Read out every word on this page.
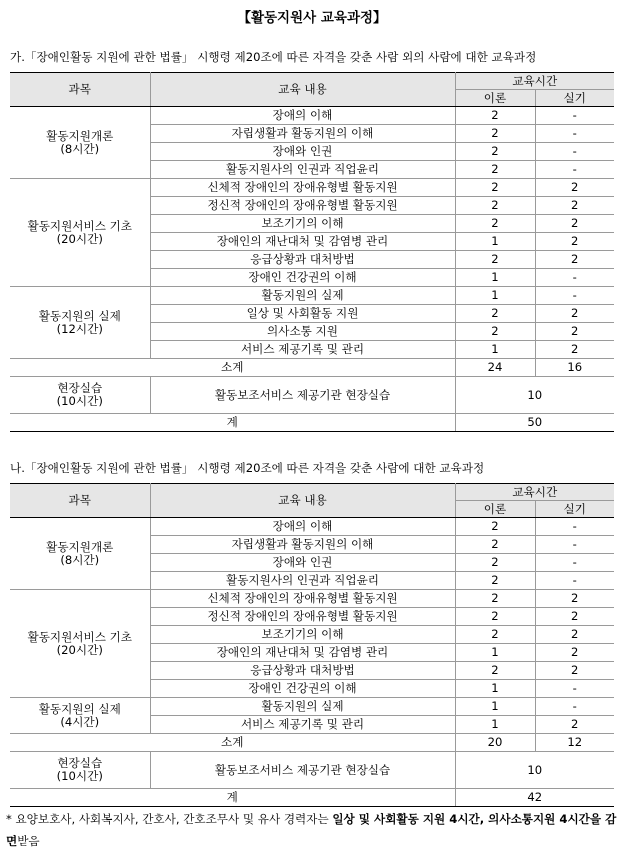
【활동지원사 교육과정】
가.「장애인활동 지원에 관한 법률」 시행령 제20조에 따른 자격을 갖춘 사람 외의 사람에 대한 교육과정
과목	교육 내용	교육시간	
		이론	실기

활동지원개론
(8시간)	장애의 이해	2	-
	자립생활과 활동지원의 이해	2	-
	장애와 인권	2	-
	활동지원사의 인권과 직업윤리	2	-

활동지원서비스 기초
(20시간)	신체적 장애인의 장애유형별 활동지원	2	2
	정신적 장애인의 장애유형별 활동지원	2	2
	보조기기의 이해	2	2
	장애인의 재난대처 및 감염병 관리	1	2
	응급상황과 대처방법	2	2
	장애인 건강권의 이해	1	-

활동지원의 실제
(12시간)	활동지원의 실제	1	-
	일상 및 사회활동 지원	2	2
	의사소통 지원	2	2
	서비스 제공기록 및 관리	1	2
소계		24	16

현장실습
(10시간)	활동보조서비스 제공기관 현장실습	10	
계		50	
나.「장애인활동 지원에 관한 법률」 시행령 제20조에 따른 자격을 갖춘 사람에 대한 교육과정
과목	교육 내용	교육시간	
		이론	실기

활동지원개론
(8시간)	장애의 이해	2	-
	자립생활과 활동지원의 이해	2	-
	장애와 인권	2	-
	활동지원사의 인권과 직업윤리	2	-

활동지원서비스 기초
(20시간)	신체적 장애인의 장애유형별 활동지원	2	2
	정신적 장애인의 장애유형별 활동지원	2	2
	보조기기의 이해	2	2
	장애인의 재난대처 및 감염병 관리	1	2
	응급상황과 대처방법	2	2
	장애인 건강권의 이해	1	-

활동지원의 실제
(4시간)	활동지원의 실제	1	-
	서비스 제공기록 및 관리	1	2
소계		20	12

현장실습
(10시간)	활동보조서비스 제공기관 현장실습	10	
계		42	
* 요양보호사, 사회복지사, 간호사, 간호조무사 및 유사 경력자는 일상 및 사회활동 지원 4시간, 의사소통지원 4시간을 감면받음
